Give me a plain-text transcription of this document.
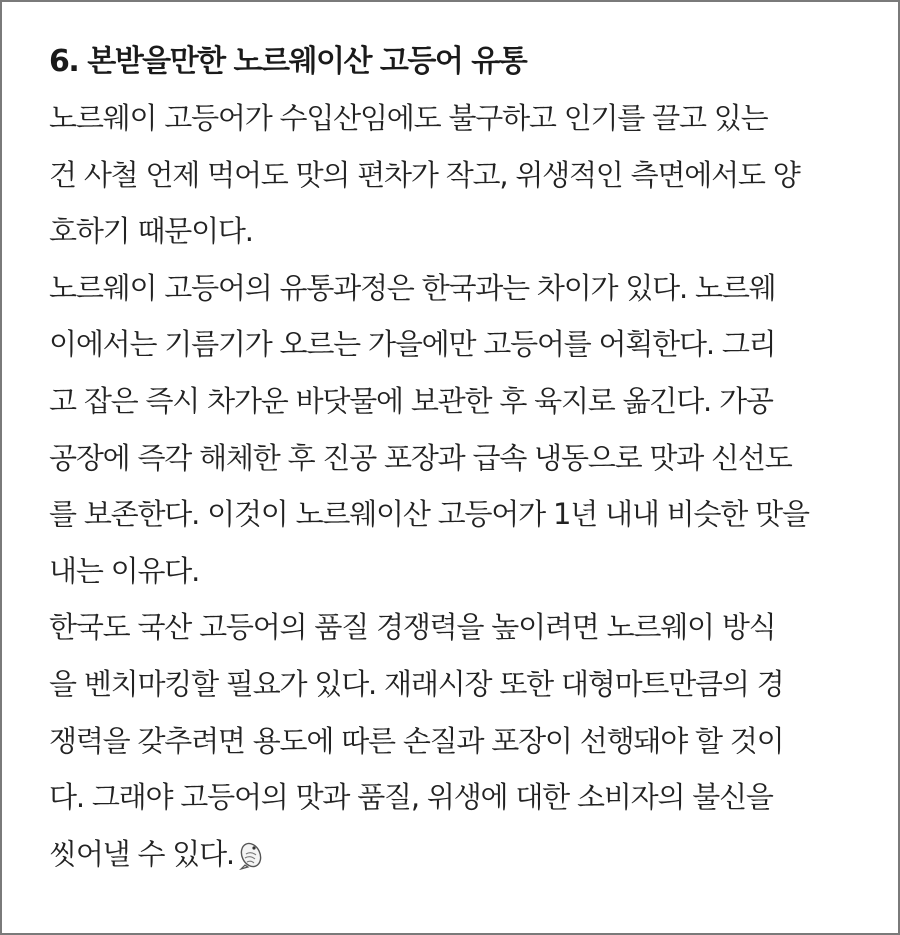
6. 본받을만한 노르웨이산 고등어 유통
노르웨이 고등어가 수입산임에도 불구하고 인기를 끌고 있는
건 사철 언제 먹어도 맛의 편차가 작고, 위생적인 측면에서도 양
호하기 때문이다.
노르웨이 고등어의 유통과정은 한국과는 차이가 있다. 노르웨
이에서는 기름기가 오르는 가을에만 고등어를 어획한다. 그리
고 잡은 즉시 차가운 바닷물에 보관한 후 육지로 옮긴다. 가공
공장에 즉각 해체한 후 진공 포장과 급속 냉동으로 맛과 신선도
를 보존한다. 이것이 노르웨이산 고등어가 1년 내내 비슷한 맛을
내는 이유다.
한국도 국산 고등어의 품질 경쟁력을 높이려면 노르웨이 방식
을 벤치마킹할 필요가 있다. 재래시장 또한 대형마트만큼의 경
쟁력을 갖추려면 용도에 따른 손질과 포장이 선행돼야 할 것이
다. 그래야 고등어의 맛과 품질, 위생에 대한 소비자의 불신을
씻어낼 수 있다.
